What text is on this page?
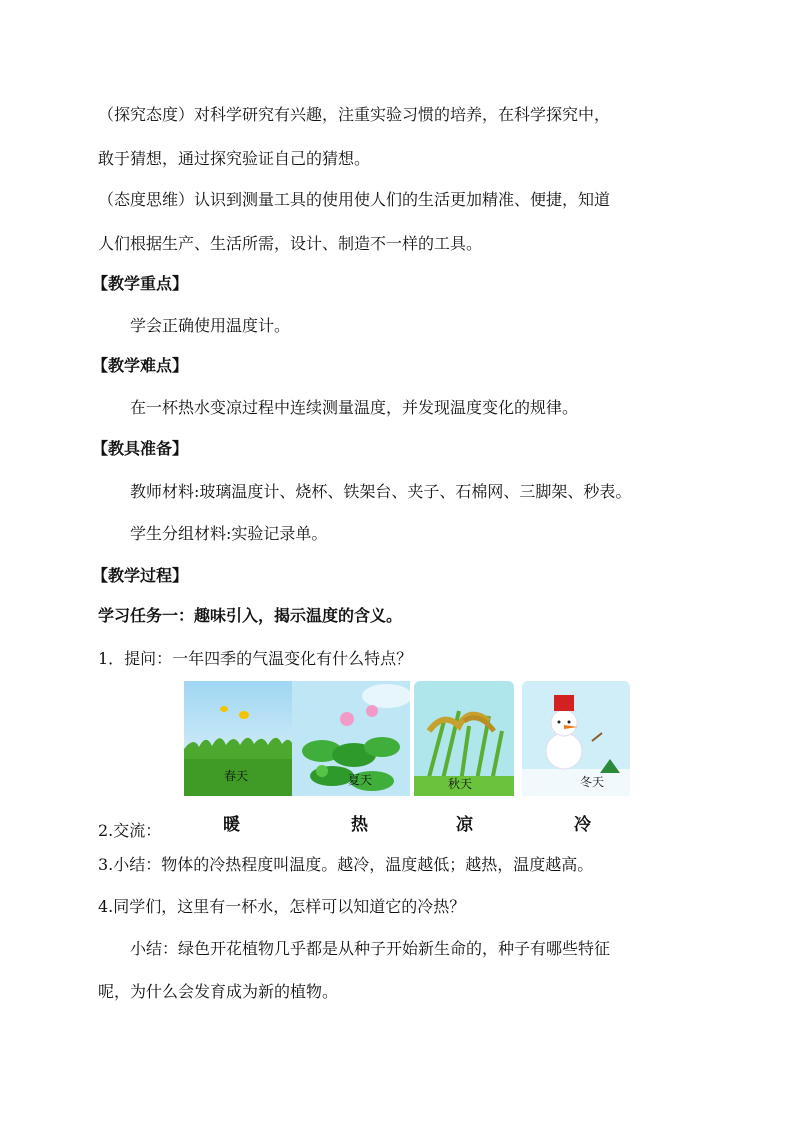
（探究态度）对科学研究有兴趣，注重实验习惯的培养，在科学探究中，
敢于猜想，通过探究验证自己的猜想。
（态度思维）认识到测量工具的使用使人们的生活更加精准、便捷，知道
人们根据生产、生活所需，设计、制造不一样的工具。
【教学重点】
学会正确使用温度计。
【教学难点】
在一杯热水变凉过程中连续测量温度，并发现温度变化的规律。
【教具准备】
教师材料:玻璃温度计、烧杯、铁架台、夹子、石棉网、三脚架、秒表。
学生分组材料:实验记录单。
【教学过程】
学习任务一：趣味引入，揭示温度的含义。
1．提问：一年四季的气温变化有什么特点？
春天	夏天	秋天	冬天
2.交流：	暖	热	凉	冷
3.小结：物体的冷热程度叫温度。越冷，温度越低；越热，温度越高。
4.同学们，这里有一杯水，怎样可以知道它的冷热？
小结：绿色开花植物几乎都是从种子开始新生命的，种子有哪些特征
呢，为什么会发育成为新的植物。
